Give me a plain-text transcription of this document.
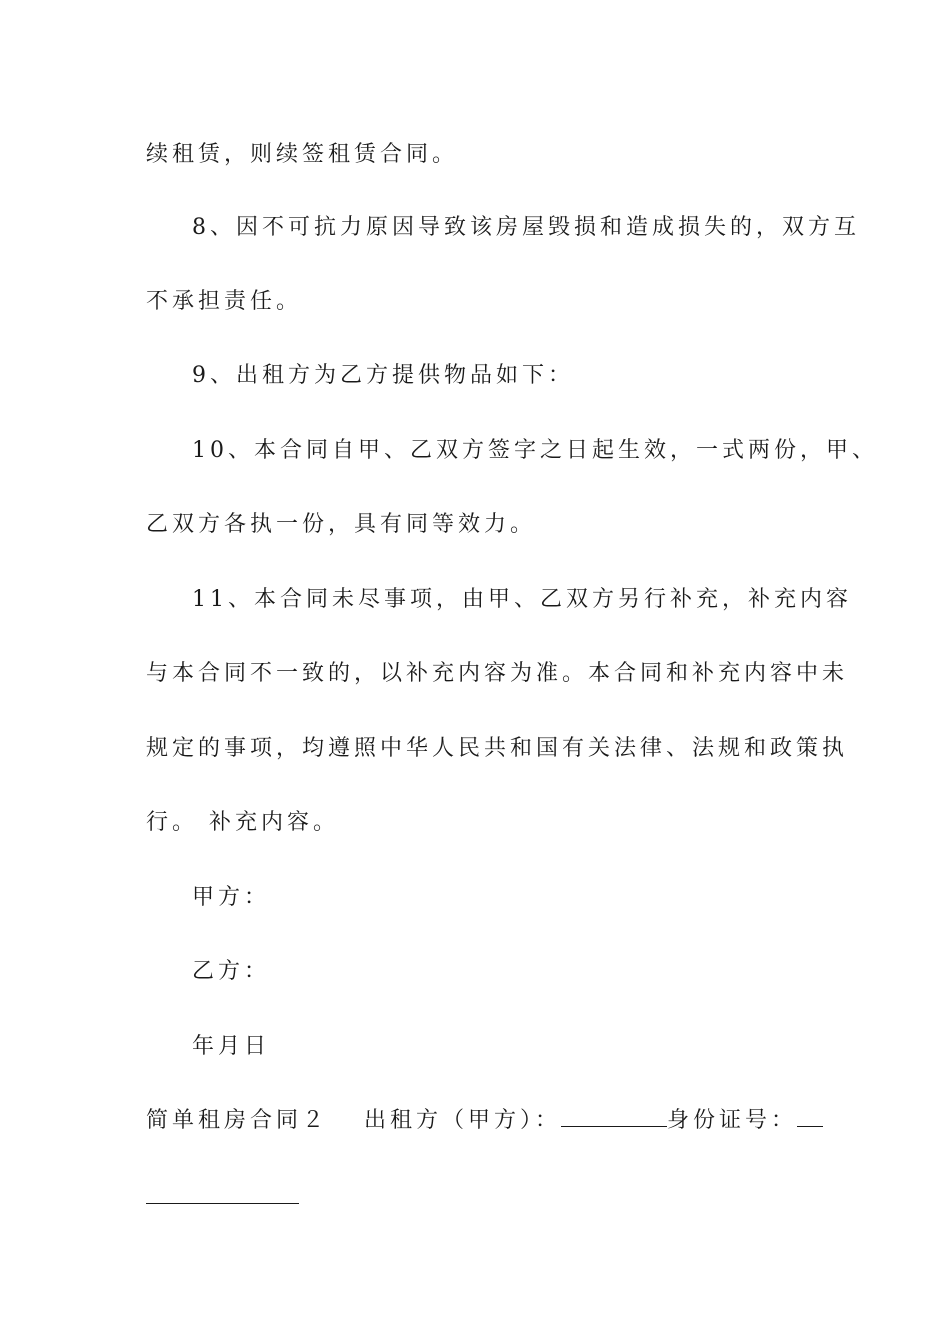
续租赁，则续签租赁合同。
8、因不可抗力原因导致该房屋毁损和造成损失的，双方互
不承担责任。
9、出租方为乙方提供物品如下：
10、本合同自甲、乙双方签字之日起生效，一式两份，甲、
乙双方各执一份，具有同等效力。
11、本合同未尽事项，由甲、乙双方另行补充，补充内容
与本合同不一致的，以补充内容为准。本合同和补充内容中未
规定的事项，均遵照中华人民共和国有关法律、法规和政策执
行。 补充内容。
甲方：
乙方：
年月日
简单租房合同２ 出租方（甲方）：	身份证号：
